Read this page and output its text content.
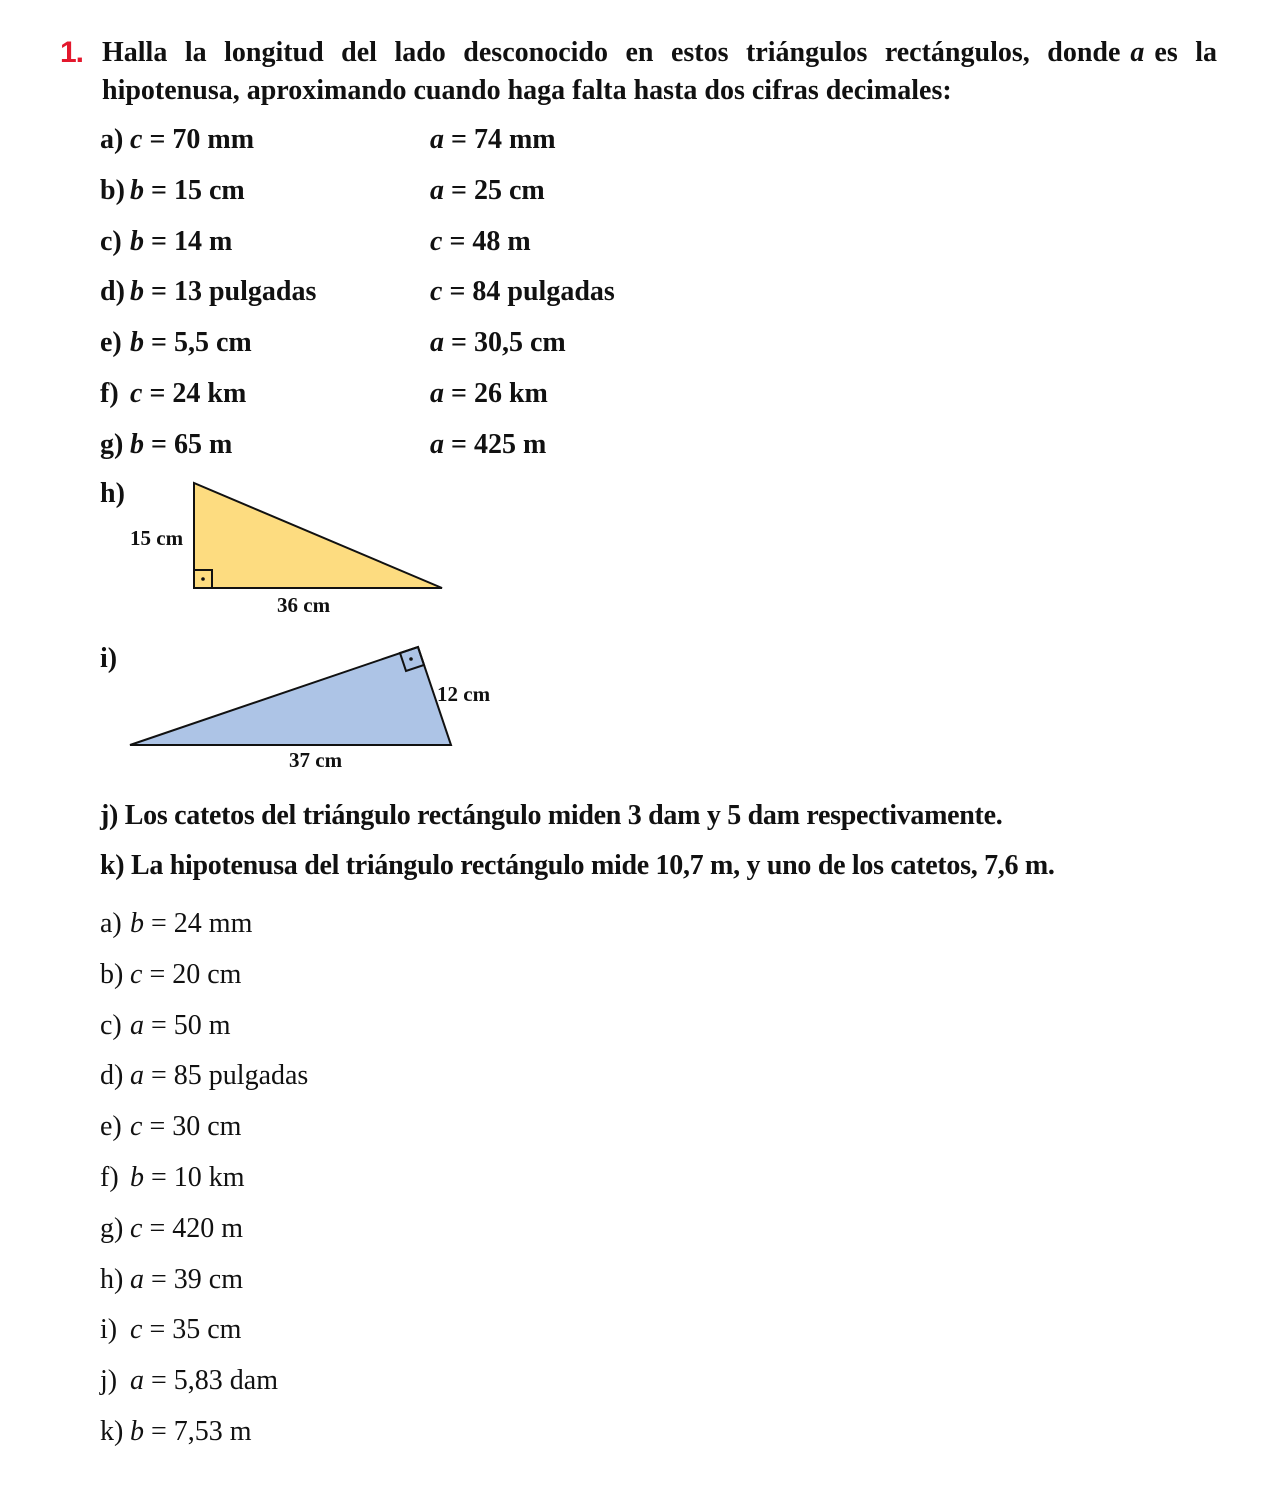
1. Halla la longitud del lado desconocido en estos triángulos rectángulos, donde a es la hipotenusa, aproximando cuando haga falta hasta dos cifras decimales:
a) c = 70 mm	a = 74 mm
b) b = 15 cm	a = 25 cm
c) b = 14 m	c = 48 m
d) b = 13 pulgadas	c = 84 pulgadas
e) b = 5,5 cm	a = 30,5 cm
f) c = 24 km	a = 26 km
g) b = 65 m	a = 425 m
h)
15 cm
36 cm
i)
12 cm
37 cm
j) Los catetos del triángulo rectángulo miden 3 dam y 5 dam respectivamente.
k) La hipotenusa del triángulo rectángulo mide 10,7 m, y uno de los catetos, 7,6 m.
a) b = 24 mm
b) c = 20 cm
c) a = 50 m
d) a = 85 pulgadas
e) c = 30 cm
f) b = 10 km
g) c = 420 m
h) a = 39 cm
i) c = 35 cm
j) a = 5,83 dam
k) b = 7,53 m
